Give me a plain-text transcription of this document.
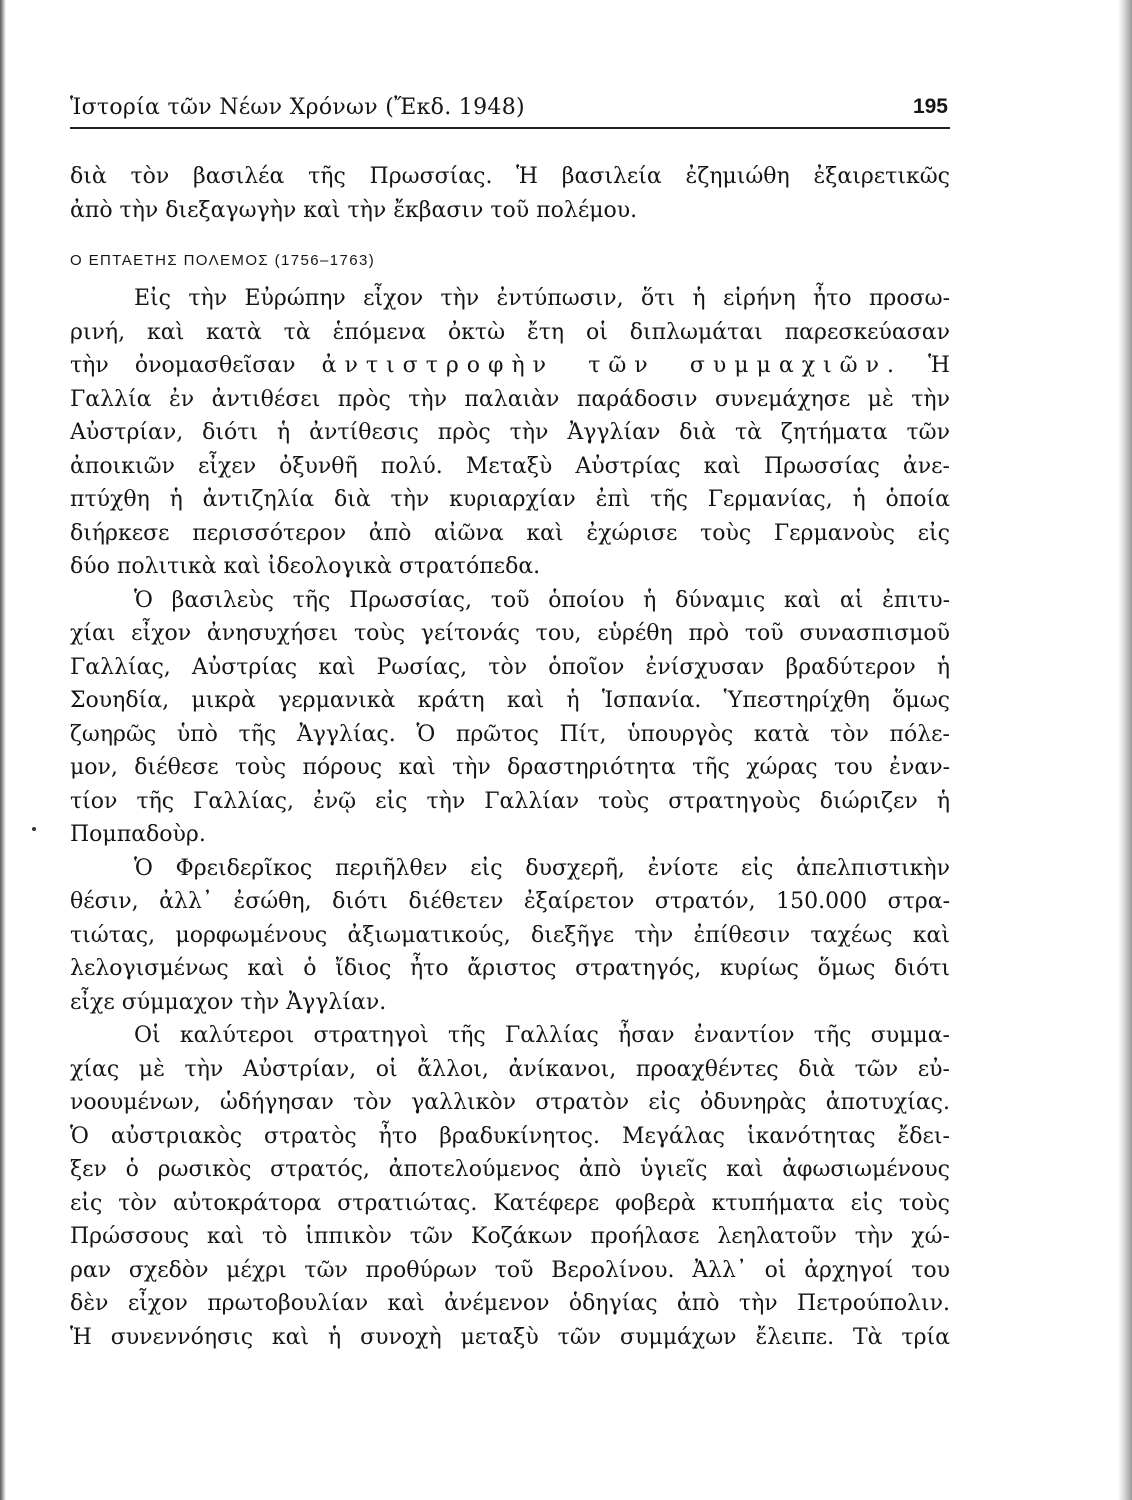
Ἱστορία τῶν Νέων Χρόνων (Ἔκδ. 1948)	195
διὰ τὸν βασιλέα τῆς Πρωσσίας. Ἡ βασιλεία ἐζημιώθη ἐξαιρετικῶς
ἀπὸ τὴν διεξαγωγὴν καὶ τὴν ἔκβασιν τοῦ πολέμου.
Ο ΕΠΤΑΕΤΗΣ ΠΟΛΕΜΟΣ (1756–1763)
Εἰς τὴν Εὐρώπην εἶχον τὴν ἐντύπωσιν, ὅτι ἡ εἰρήνη ἦτο προσω-
ρινή, καὶ κατὰ τὰ ἑπόμενα ὀκτὼ ἔτη οἱ διπλωμάται παρεσκεύασαν
τὴν ὀνομασθεῖσαν ἀντιστροφὴν τῶν συμμαχιῶν. Ἡ
Γαλλία ἐν ἀντιθέσει πρὸς τὴν παλαιὰν παράδοσιν συνεμάχησε μὲ τὴν
Αὐστρίαν, διότι ἡ ἀντίθεσις πρὸς τὴν Ἀγγλίαν διὰ τὰ ζητήματα τῶν
ἀποικιῶν εἶχεν ὀξυνθῆ πολύ. Μεταξὺ Αὐστρίας καὶ Πρωσσίας ἀνε-
πτύχθη ἡ ἀντιζηλία διὰ τὴν κυριαρχίαν ἐπὶ τῆς Γερμανίας, ἡ ὁποία
διήρκεσε περισσότερον ἀπὸ αἰῶνα καὶ ἐχώρισε τοὺς Γερμανοὺς εἰς
δύο πολιτικὰ καὶ ἰδεολογικὰ στρατόπεδα.
Ὁ βασιλεὺς τῆς Πρωσσίας, τοῦ ὁποίου ἡ δύναμις καὶ αἱ ἐπιτυ-
χίαι εἶχον ἀνησυχήσει τοὺς γείτονάς του, εὑρέθη πρὸ τοῦ συνασπισμοῦ
Γαλλίας, Αὐστρίας καὶ Ρωσίας, τὸν ὁποῖον ἐνίσχυσαν βραδύτερον ἡ
Σουηδία, μικρὰ γερμανικὰ κράτη καὶ ἡ Ἱσπανία. Ὑπεστηρίχθη ὅμως
ζωηρῶς ὑπὸ τῆς Ἀγγλίας. Ὁ πρῶτος Πίτ, ὑπουργὸς κατὰ τὸν πόλε-
μον, διέθεσε τοὺς πόρους καὶ τὴν δραστηριότητα τῆς χώρας του ἐναν-
τίον τῆς Γαλλίας, ἐνῷ εἰς τὴν Γαλλίαν τοὺς στρατηγοὺς διώριζεν ἡ
Πομπαδοὺρ.
Ὁ Φρειδερῖκος περιῆλθεν εἰς δυσχερῆ, ἐνίοτε εἰς ἀπελπιστικὴν
θέσιν, ἀλλ᾽ ἐσώθη, διότι διέθετεν ἐξαίρετον στρατόν, 150.000 στρα-
τιώτας, μορφωμένους ἀξιωματικούς, διεξῆγε τὴν ἐπίθεσιν ταχέως καὶ
λελογισμένως καὶ ὁ ἴδιος ἦτο ἄριστος στρατηγός, κυρίως ὅμως διότι
εἶχε σύμμαχον τὴν Ἀγγλίαν.
Οἱ καλύτεροι στρατηγοὶ τῆς Γαλλίας ἦσαν ἐναντίον τῆς συμμα-
χίας μὲ τὴν Αὐστρίαν, οἱ ἄλλοι, ἀνίκανοι, προαχθέντες διὰ τῶν εὐ-
νοουμένων, ὡδήγησαν τὸν γαλλικὸν στρατὸν εἰς ὀδυνηρὰς ἀποτυχίας.
Ὁ αὐστριακὸς στρατὸς ἦτο βραδυκίνητος. Μεγάλας ἱκανότητας ἔδει-
ξεν ὁ ρωσικὸς στρατός, ἀποτελούμενος ἀπὸ ὑγιεῖς καὶ ἀφωσιωμένους
εἰς τὸν αὐτοκράτορα στρατιώτας. Κατέφερε φοβερὰ κτυπήματα εἰς τοὺς
Πρώσσους καὶ τὸ ἱππικὸν τῶν Κοζάκων προήλασε λεηλατοῦν τὴν χώ-
ραν σχεδὸν μέχρι τῶν προθύρων τοῦ Βερολίνου. Ἀλλ᾽ οἱ ἀρχηγοί του
δὲν εἶχον πρωτοβουλίαν καὶ ἀνέμενον ὁδηγίας ἀπὸ τὴν Πετρούπολιν.
Ἡ συνεννόησις καὶ ἡ συνοχὴ μεταξὺ τῶν συμμάχων ἔλειπε. Τὰ τρία
